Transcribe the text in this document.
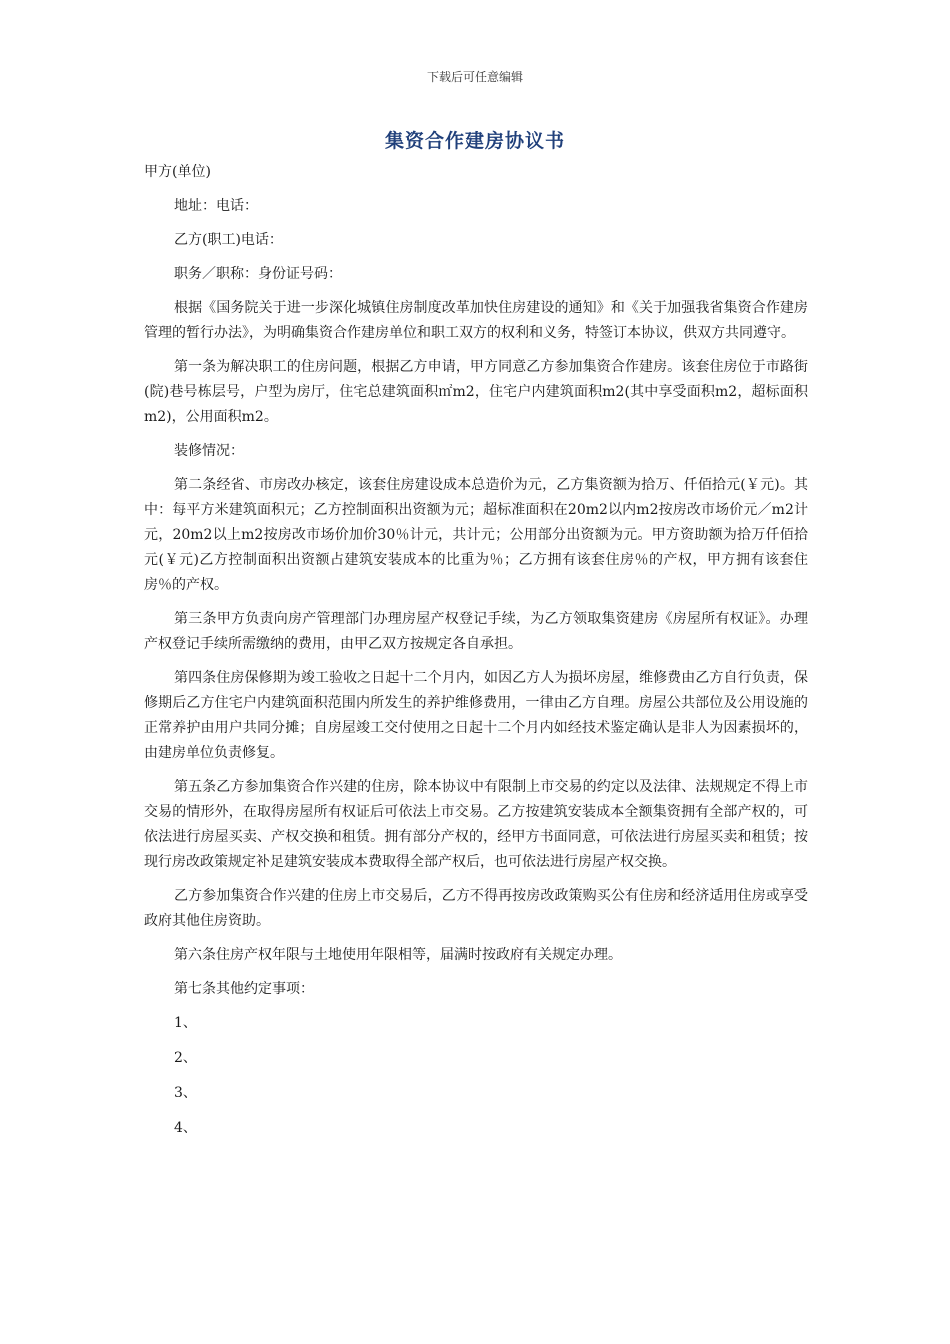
下载后可任意编辑
集资合作建房协议书

甲方(单位)

地址：电话：

乙方(职工)电话：

职务／职称：身份证号码：

根据《国务院关于进一步深化城镇住房制度改革加快住房建设的通知》和《关于加强我省集资合作建房管理的暂行办法》，为明确集资合作建房单位和职工双方的权利和义务，特签订本协议，供双方共同遵守。

第一条为解决职工的住房问题，根据乙方申请，甲方同意乙方参加集资合作建房。该套住房位于市路街(院)巷号栋层号，户型为房厅，住宅总建筑面积㎡m2，住宅户内建筑面积m2(其中享受面积m2，超标面积m2)，公用面积m2。

装修情况：

第二条经省、市房改办核定，该套住房建设成本总造价为元，乙方集资额为拾万、仟佰拾元(￥元)。其中：每平方米建筑面积元；乙方控制面积出资额为元；超标准面积在20m2以内m2按房改市场价元／m2计元，20m2以上m2按房改市场价加价30％计元，共计元；公用部分出资额为元。甲方资助额为拾万仟佰拾元(￥元)乙方控制面积出资额占建筑安装成本的比重为％；乙方拥有该套住房％的产权，甲方拥有该套住房％的产权。

第三条甲方负责向房产管理部门办理房屋产权登记手续，为乙方领取集资建房《房屋所有权证》。办理产权登记手续所需缴纳的费用，由甲乙双方按规定各自承担。

第四条住房保修期为竣工验收之日起十二个月内，如因乙方人为损坏房屋，维修费由乙方自行负责，保修期后乙方住宅户内建筑面积范围内所发生的养护维修费用，一律由乙方自理。房屋公共部位及公用设施的正常养护由用户共同分摊；自房屋竣工交付使用之日起十二个月内如经技术鉴定确认是非人为因素损坏的，由建房单位负责修复。

第五条乙方参加集资合作兴建的住房，除本协议中有限制上市交易的约定以及法律、法规规定不得上市交易的情形外，在取得房屋所有权证后可依法上市交易。乙方按建筑安装成本全额集资拥有全部产权的，可依法进行房屋买卖、产权交换和租赁。拥有部分产权的，经甲方书面同意，可依法进行房屋买卖和租赁；按现行房改政策规定补足建筑安装成本费取得全部产权后，也可依法进行房屋产权交换。

乙方参加集资合作兴建的住房上市交易后，乙方不得再按房改政策购买公有住房和经济适用住房或享受政府其他住房资助。

第六条住房产权年限与土地使用年限相等，届满时按政府有关规定办理。

第七条其他约定事项：

1、

2、

3、

4、
